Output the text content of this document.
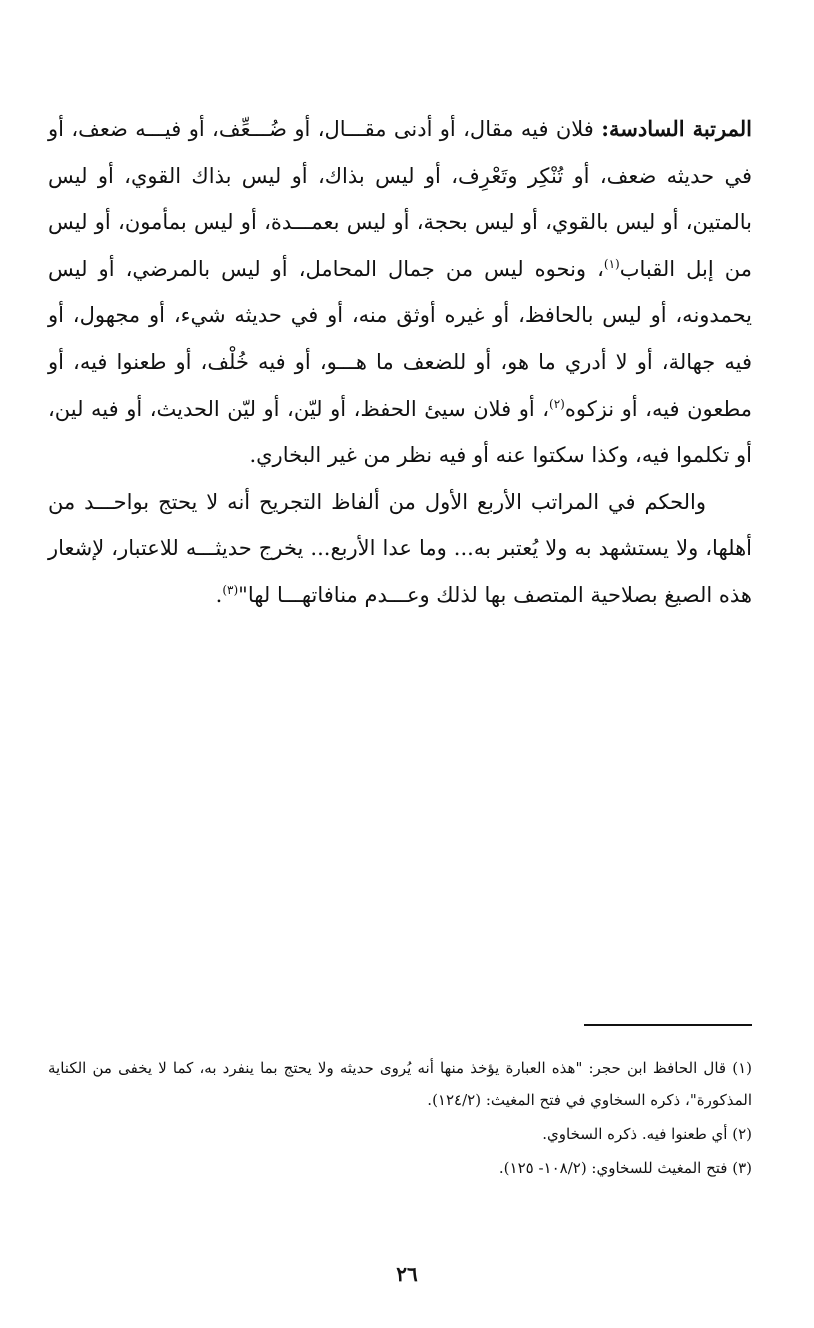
المرتبة السادسة: فلان فيه مقال، أو أدنى مقـــال، أو ضُـــعِّف، أو فيـــه ضعف، أو في حديثه ضعف، أو تُنْكِر وتَعْرِف، أو ليس بذاك، أو ليس بذاك القوي، أو ليس بالمتين، أو ليس بالقوي، أو ليس بحجة، أو ليس بعمـــدة، أو ليس بمأمون، أو ليس من إبل القباب$^{(١)}$، ونحوه ليس من جمال المحامل، أو ليس بالمرضي، أو ليس يحمدونه، أو ليس بالحافظ، أو غيره أوثق منه، أو في حديثه شيء، أو مجهول، أو فيه جهالة، أو لا أدري ما هو، أو للضعف ما هـــو، أو فيه خُلْف، أو طعنوا فيه، أو مطعون فيه، أو نزكوه$^{(٢)}$، أو فلان سيئ الحفظ، أو ليّن، أو ليّن الحديث، أو فيه لين، أو تكلموا فيه، وكذا سكتوا عنه أو فيه نظر من غير البخاري.

والحكم في المراتب الأربع الأول من ألفاظ التجريح أنه لا يحتج بواحـــد من أهلها، ولا يستشهد به ولا يُعتبر به... وما عدا الأربع... يخرج حديثـــه للاعتبار، لإشعار هذه الصيغ بصلاحية المتصف بها لذلك وعـــدم منافاتهـــا لها"$^{(٣)}$.

(١) قال الحافظ ابن حجر: "هذه العبارة يؤخذ منها أنه يُروى حديثه ولا يحتج بما ينفرد به، كما لا يخفى من الكناية المذكورة"، ذكره السخاوي في فتح المغيث: (١٢٤/٢).

(٢) أي طعنوا فيه. ذكره السخاوي.

(٣) فتح المغيث للسخاوي: (١٠٨/٢- ١٢٥).

٢٦
